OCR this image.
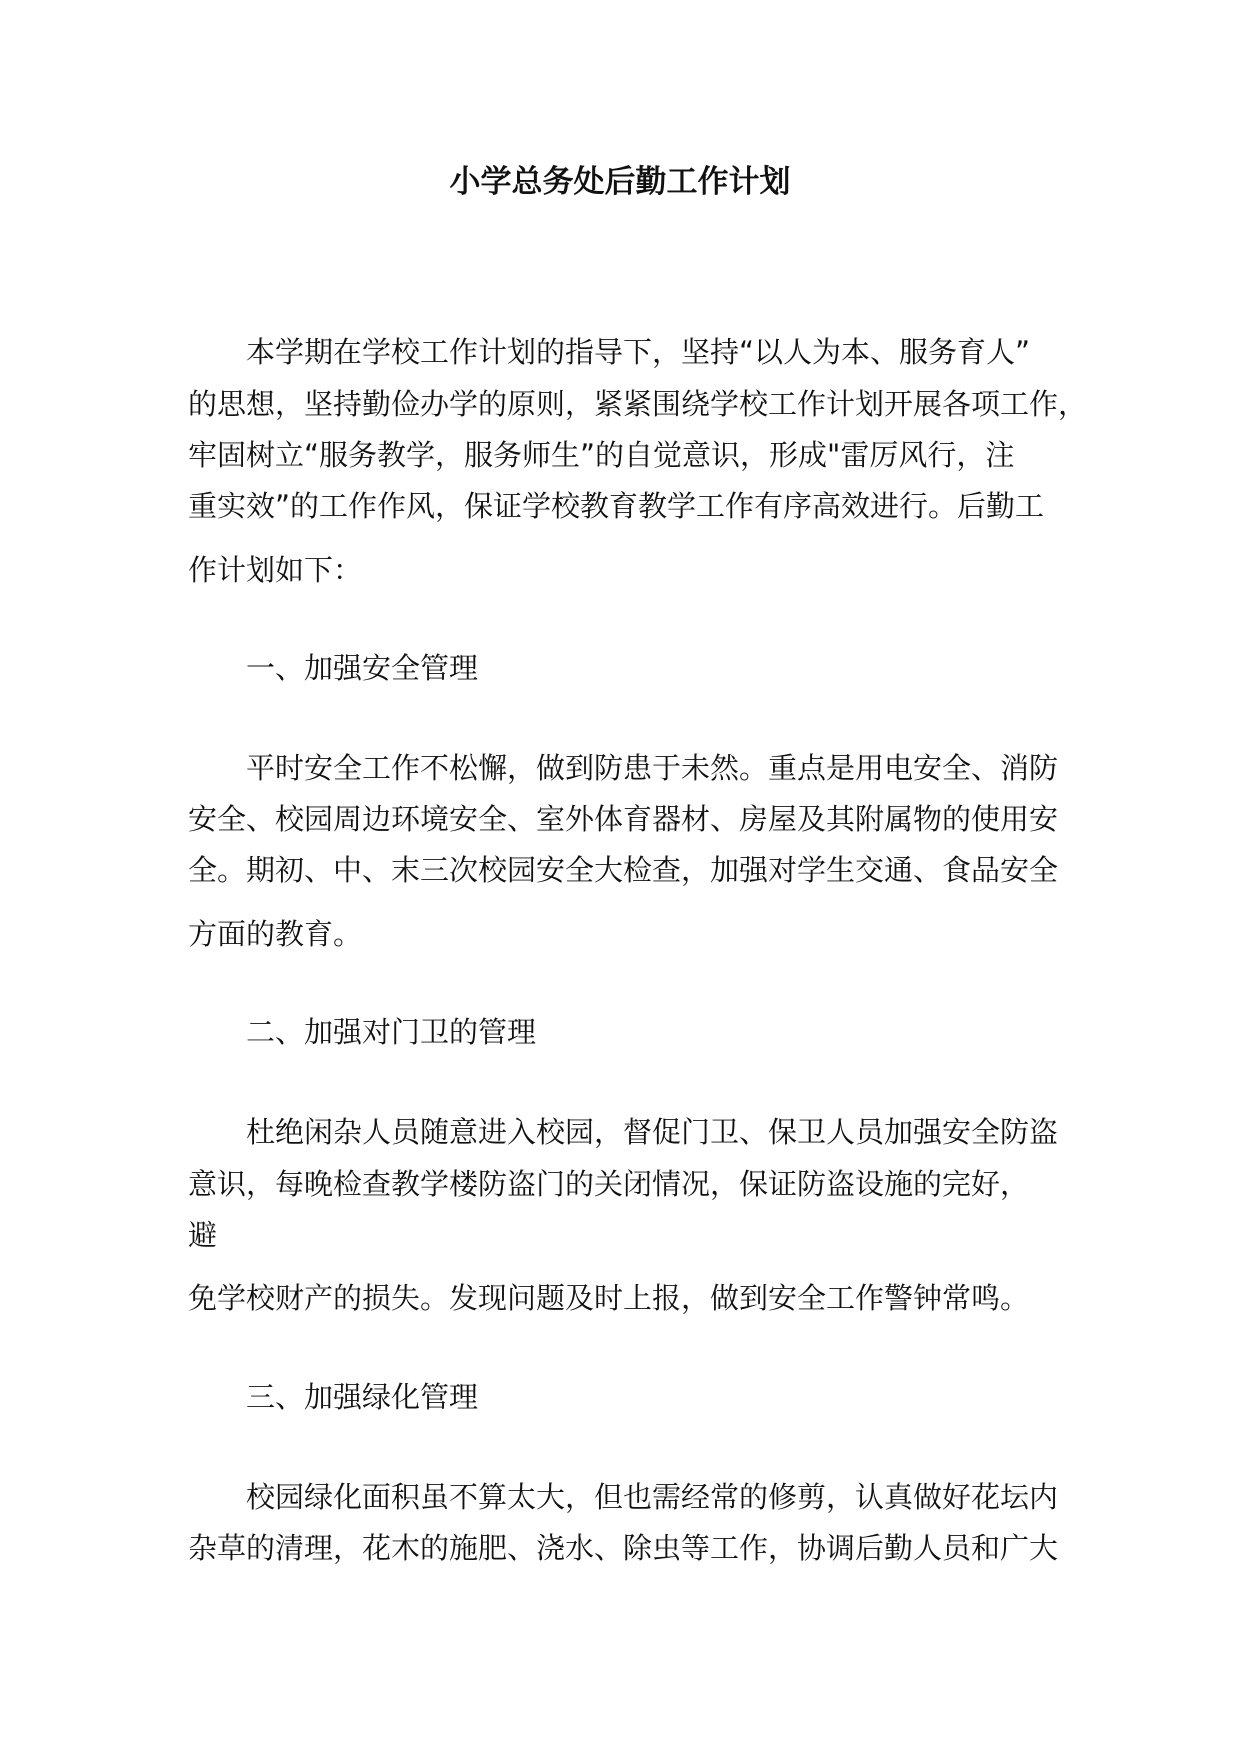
小学总务处后勤工作计划
本学期在学校工作计划的指导下，坚持“以人为本、服务育人”
的思想，坚持勤俭办学的原则，紧紧围绕学校工作计划开展各项工作，
牢固树立“服务教学，服务师生”的自觉意识，形成"雷厉风行，注
重实效”的工作作风，保证学校教育教学工作有序高效进行。后勤工
作计划如下：
一、加强安全管理
平时安全工作不松懈，做到防患于未然。重点是用电安全、消防
安全、校园周边环境安全、室外体育器材、房屋及其附属物的使用安
全。期初、中、末三次校园安全大检查，加强对学生交通、食品安全
方面的教育。
二、加强对门卫的管理
杜绝闲杂人员随意进入校园，督促门卫、保卫人员加强安全防盗
意识，每晚检查教学楼防盗门的关闭情况，保证防盗设施的完好，
避
免学校财产的损失。发现问题及时上报，做到安全工作警钟常鸣。
三、加强绿化管理
校园绿化面积虽不算太大，但也需经常的修剪，认真做好花坛内
杂草的清理，花木的施肥、浇水、除虫等工作，协调后勤人员和广大
